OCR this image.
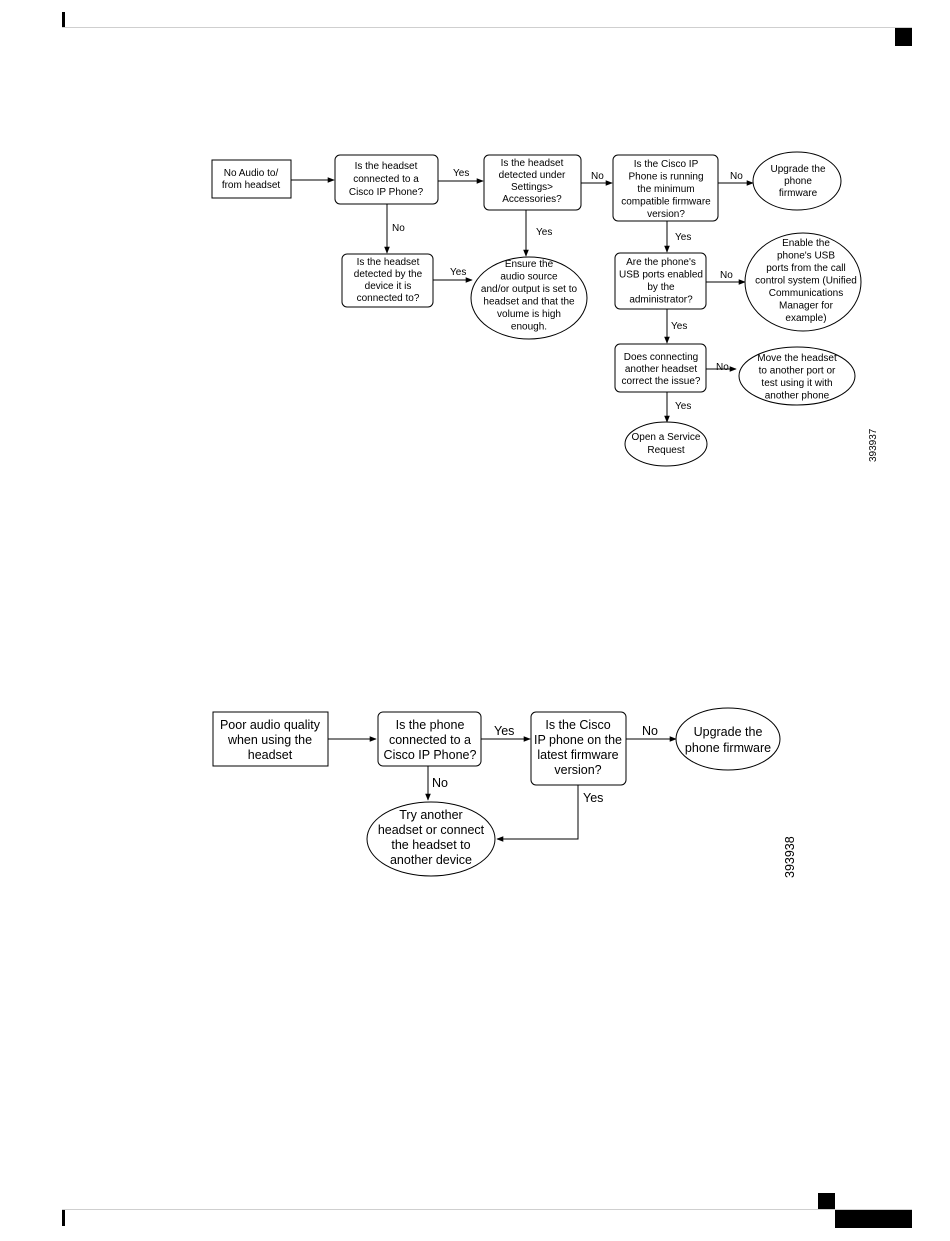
No Audio to/ from headset
Is the headset connected to a Cisco IP Phone?
Is the headset detected under Settings> Accessories?
Is the Cisco IP Phone is running the minimum compatible firmware version?
Upgrade the phone firmware
Is the headset detected by the device it is connected to?
Ensure the audio source and/or output is set to headset and that the volume is high enough.
Are the phone's USB ports enabled by the administrator?
Enable the phone's USB ports from the call control system (Unified Communications Manager for example)
Does connecting another headset correct the issue?
Move the headset to another port or test using it with another phone
Open a Service Request
Yes	No	No
No	Yes
Yes
Yes
No
Yes
No
Yes
393937
Poor audio quality when using the headset
Is the phone connected to a Cisco IP Phone?
Is the Cisco IP phone on the latest firmware version?
Upgrade the phone firmware
Try another headset or connect the headset to another device
Yes	No
No
Yes
393938
